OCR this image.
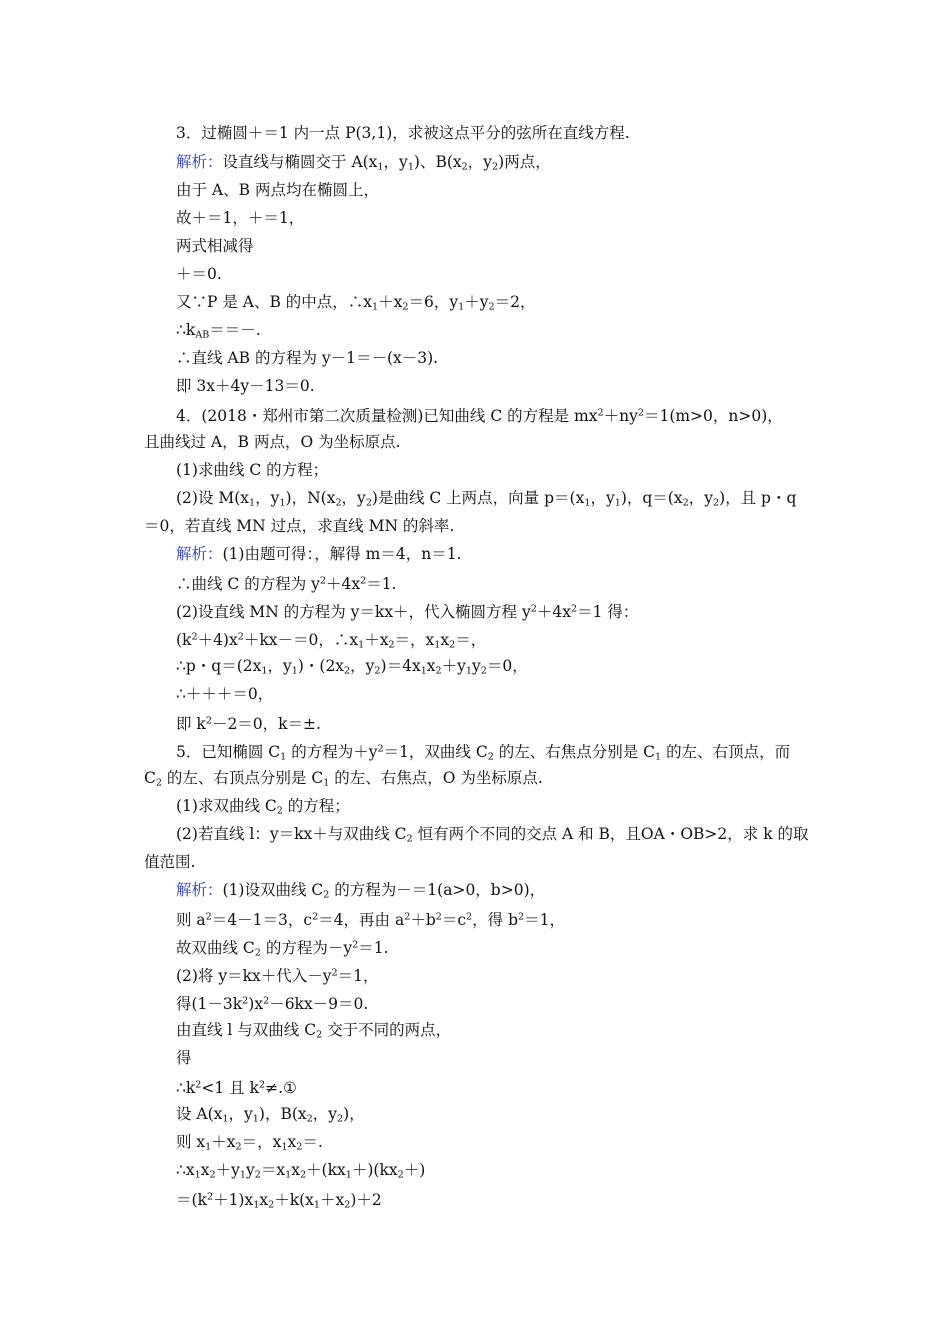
3．过椭圆＋＝1 内一点 P(3,1)，求被这点平分的弦所在直线方程.
解析：设直线与椭圆交于 $A(x_1$，$y_1$)、$B(x_2$，$y_2$)两点，
由于 A、B 两点均在椭圆上，
故＋＝1，＋＝1，
两式相减得
＋＝0.
又∵P 是 A、B 的中点，$\therefore x_1+x_2=6$，$y_1+y_2=2$，
$\therefore k_{AB}==-$.
∴直线 AB 的方程为 y－1＝－(x－3).
即 3x＋4y－13＝0.
4．(2018・郑州市第二次质量检测)已知曲线 C 的方程是 $mx^2+ny^2=1(m>0$，n>0)，
且曲线过 A，B 两点，O 为坐标原点.
(1)求曲线 C 的方程；
(2)设 $M(x_1$，$y_1$)，$N(x_2$，$y_2$)是曲线 C 上两点，向量 $p=(x_1$，$y_1$)，$q=(x_2$，$y_2$)，且 p・q
＝0，若直线 MN 过点，求直线 MN 的斜率.
解析：(1)由题可得：，解得 m＝4，n＝1.
∴曲线 C 的方程为 $y^2+4x^2=1$.
(2)设直线 MN 的方程为 y＝kx＋，代入椭圆方程 $y^2+4x^2=1$ 得：
$(k^2+4)x^2+kx-=0$，$\therefore x_1+x_2=$，$x_1x_2=$，
∴p・$q=(2x_1$，$y_1$)・($2x_2$，$y_2)=4x_1x_2+y_1y_2=0$，
∴＋＋＋＝0，
即 $k^2-2=0$，k＝±.
5．已知椭圆 $C_1$ 的方程为$+y^2=1$，双曲线 $C_2$ 的左、右焦点分别是 $C_1$ 的左、右顶点，而
$C_2$ 的左、右顶点分别是 $C_1$ 的左、右焦点，O 为坐标原点.
(1)求双曲线 $C_2$ 的方程；
(2)若直线 l：y＝kx＋与双曲线 $C_2$ 恒有两个不同的交点 A 和 B，且OA・OB>2，求 k 的取
值范围.
解析：(1)设双曲线 $C_2$ 的方程为－＝1(a>0，b>0)，
则 $a^2=4-1=3$，$c^2=4$，再由 $a^2+b^2=c^2$，得 $b^2=1$，
故双曲线 $C_2$ 的方程为$-y^2=1$.
(2)将 y＝kx＋代入$-y^2=1$，
得$(1-3k^2)x^2-6kx-9=0$.
由直线 l 与双曲线 $C_2$ 交于不同的两点，
得
$\therefore k^2<1$ 且 $k^2\ne.①$
设 $A(x_1$，$y_1$)，$B(x_2$，$y_2$)，
则 $x_1+x_2=$，$x_1x_2=$.
$\therefore x_1x_2+y_1y_2=x_1x_2+(kx_1+)(kx_2+)$
$=(k^2+1)x_1x_2+k(x_1+x_2)+2$
